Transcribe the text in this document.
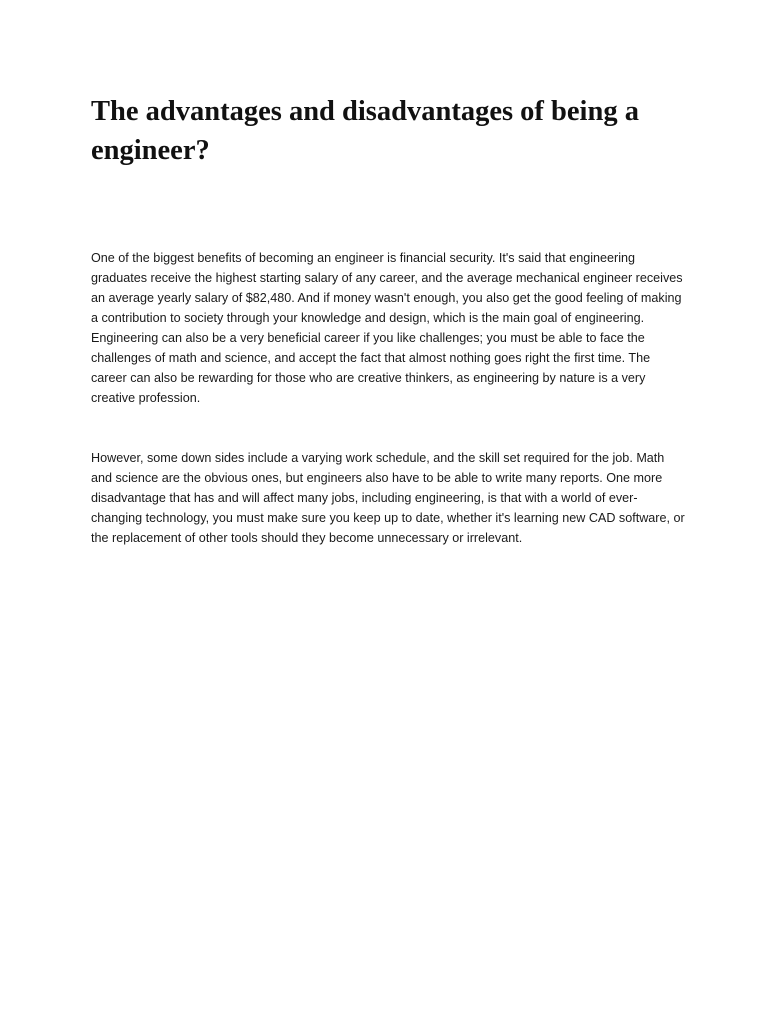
The advantages and disadvantages of being a engineer?

One of the biggest benefits of becoming an engineer is financial security. It's said that engineering graduates receive the highest starting salary of any career, and the average mechanical engineer receives an average yearly salary of $82,480. And if money wasn't enough, you also get the good feeling of making a contribution to society through your knowledge and design, which is the main goal of engineering. Engineering can also be a very beneficial career if you like challenges; you must be able to face the challenges of math and science, and accept the fact that almost nothing goes right the first time. The career can also be rewarding for those who are creative thinkers, as engineering by nature is a very creative profession.

However, some down sides include a varying work schedule, and the skill set required for the job. Math and science are the obvious ones, but engineers also have to be able to write many reports. One more disadvantage that has and will affect many jobs, including engineering, is that with a world of ever-changing technology, you must make sure you keep up to date, whether it's learning new CAD software, or the replacement of other tools should they become unnecessary or irrelevant.
